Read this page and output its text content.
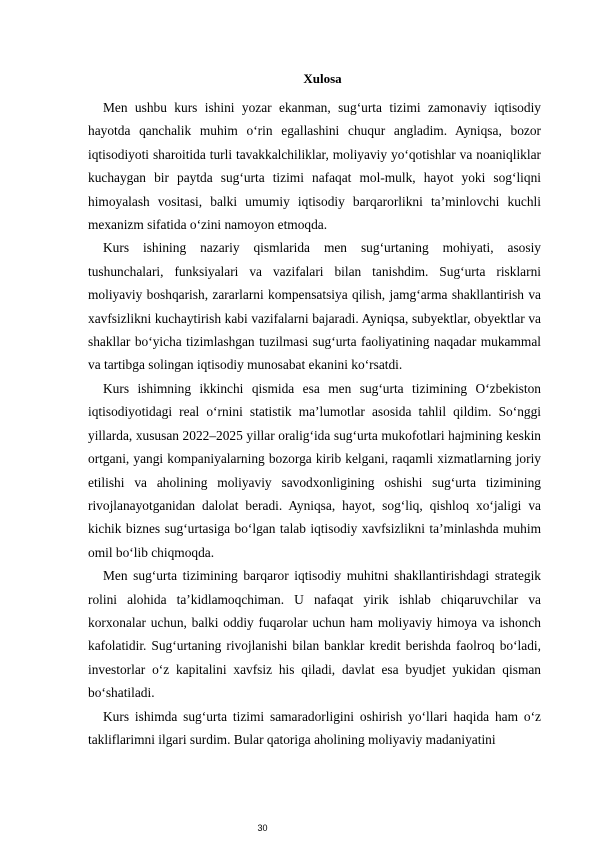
Xulosa

Men ushbu kurs ishini yozar ekanman, sug‘urta tizimi zamonaviy iqtisodiy hayotda qanchalik muhim o‘rin egallashini chuqur angladim. Ayniqsa, bozor iqtisodiyoti sharoitida turli tavakkalchiliklar, moliyaviy yo‘qotishlar va noaniqliklar kuchaygan bir paytda sug‘urta tizimi nafaqat mol-mulk, hayot yoki sog‘liqni himoyalash vositasi, balki umumiy iqtisodiy barqarorlikni ta’minlovchi kuchli mexanizm sifatida o‘zini namoyon etmoqda.

Kurs ishining nazariy qismlarida men sug‘urtaning mohiyati, asosiy tushunchalari, funksiyalari va vazifalari bilan tanishdim. Sug‘urta risklarni moliyaviy boshqarish, zararlarni kompensatsiya qilish, jamg‘arma shakllantirish va xavfsizlikni kuchaytirish kabi vazifalarni bajaradi. Ayniqsa, subyektlar, obyektlar va shakllar bo‘yicha tizimlashgan tuzilmasi sug‘urta faoliyatining naqadar mukammal va tartibga solingan iqtisodiy munosabat ekanini ko‘rsatdi.

Kurs ishimning ikkinchi qismida esa men sug‘urta tizimining O‘zbekiston iqtisodiyotidagi real o‘rnini statistik ma’lumotlar asosida tahlil qildim. So‘nggi yillarda, xususan 2022–2025 yillar oralig‘ida sug‘urta mukofotlari hajmining keskin ortgani, yangi kompaniyalarning bozorga kirib kelgani, raqamli xizmatlarning joriy etilishi va aholining moliyaviy savodxonligining oshishi sug‘urta tizimining rivojlanayotganidan dalolat beradi. Ayniqsa, hayot, sog‘liq, qishloq xo‘jaligi va kichik biznes sug‘urtasiga bo‘lgan talab iqtisodiy xavfsizlikni ta’minlashda muhim omil bo‘lib chiqmoqda.

Men sug‘urta tizimining barqaror iqtisodiy muhitni shakllantirishdagi strategik rolini alohida ta’kidlamoqchiman. U nafaqat yirik ishlab chiqaruvchilar va korxonalar uchun, balki oddiy fuqarolar uchun ham moliyaviy himoya va ishonch kafolatidir. Sug‘urtaning rivojlanishi bilan banklar kredit berishda faolroq bo‘ladi, investorlar o‘z kapitalini xavfsiz his qiladi, davlat esa byudjet yukidan qisman bo‘shatiladi.

Kurs ishimda sug‘urta tizimi samaradorligini oshirish yo‘llari haqida ham o‘z takliflarimni ilgari surdim. Bular qatoriga aholining moliyaviy madaniyatini

30
